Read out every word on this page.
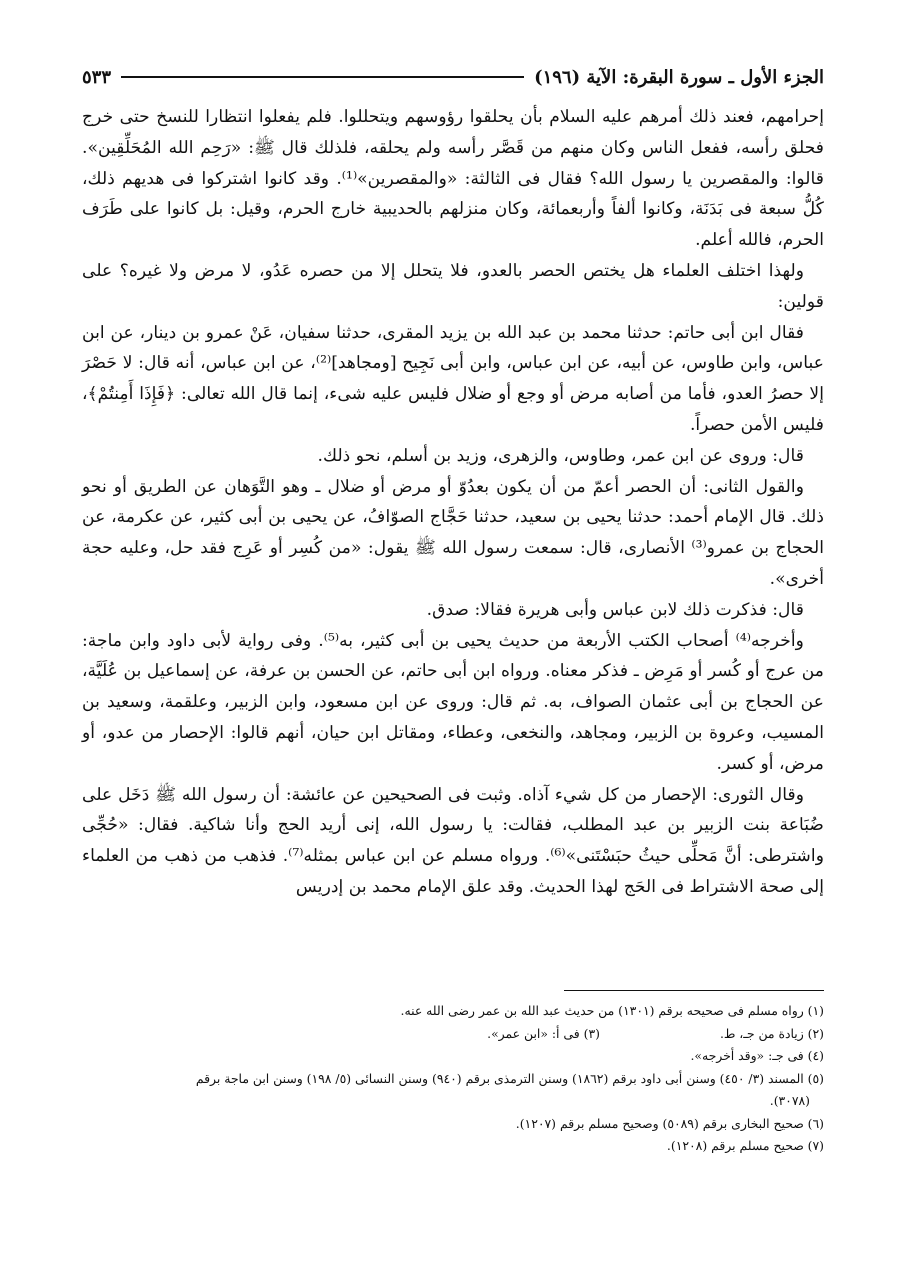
الجزء الأول ـ سورة البقرة: الآية (١٩٦)
٥٣٣

إحرامهم، فعند ذلك أمرهم عليه السلام بأن يحلقوا رؤوسهم ويتحللوا. فلم يفعلوا انتظارا للنسخ حتى خرج فحلق رأسه، ففعل الناس وكان منهم من قَصَّر رأسه ولم يحلقه، فلذلك قال ﷺ: «رَحِم الله المُحَلِّقِين». قالوا: والمقصرين يا رسول الله؟ فقال فى الثالثة: «والمقصرين»⁽¹⁾. وقد كانوا اشتركوا فى هديهم ذلك، كُلُّ سبعة فى بَدَنَة، وكانوا ألفاً وأربعمائة، وكان منزلهم بالحديبية خارج الحرم، وقيل: بل كانوا على طَرَف الحرم، فالله أعلم.

ولهذا اختلف العلماء هل يختص الحصر بالعدو، فلا يتحلل إلا من حصره عَدُو، لا مرض ولا غيره؟ على قولين:

فقال ابن أبى حاتم: حدثنا محمد بن عبد الله بن يزيد المقرى، حدثنا سفيان، عَنْ عمرو بن دينار، عن ابن عباس، وابن طاوس، عن أبيه، عن ابن عباس، وابن أبى نَجِيح [ومجاهد]⁽²⁾، عن ابن عباس، أنه قال: لا حَصْرَ إلا حصرُ العدو، فأما من أصابه مرض أو وجع أو ضلال فليس عليه شىء، إنما قال الله تعالى: ﴿فَإِذَا أَمِنتُمْ﴾، فليس الأمن حصراً.

قال: وروى عن ابن عمر، وطاوس، والزهرى، وزيد بن أسلم، نحو ذلك.

والقول الثانى: أن الحصر أعمّ من أن يكون بعدُوّ أو مرض أو ضلال ـ وهو التَّوَهان عن الطريق أو نحو ذلك. قال الإمام أحمد: حدثنا يحيى بن سعيد، حدثنا حَجَّاج الصوّافُ، عن يحيى بن أبى كثير، عن عكرمة، عن الحجاج بن عمرو⁽³⁾ الأنصارى، قال: سمعت رسول الله ﷺ يقول: «من كُسِر أو عَرِج فقد حل، وعليه حجة أخرى».

قال: فذكرت ذلك لابن عباس وأبى هريرة فقالا: صدق.

وأخرجه⁽⁴⁾ أصحاب الكتب الأربعة من حديث يحيى بن أبى كثير، به⁽⁵⁾. وفى رواية لأبى داود وابن ماجة: من عرج أو كُسر أو مَرِض ـ فذكر معناه. ورواه ابن أبى حاتم، عن الحسن بن عرفة، عن إسماعيل بن عُلَيَّة، عن الحجاج بن أبى عثمان الصواف، به. ثم قال: وروى عن ابن مسعود، وابن الزبير، وعلقمة، وسعيد بن المسيب، وعروة بن الزبير، ومجاهد، والنخعى، وعطاء، ومقاتل ابن حيان، أنهم قالوا: الإحصار من عدو، أو مرض، أو كسر.

وقال الثورى: الإحصار من كل شيء آذاه. وثبت فى الصحيحين عن عائشة: أن رسول الله ﷺ دَخَل على ضُبَاعة بنت الزبير بن عبد المطلب، فقالت: يا رسول الله، إنى أريد الحج وأنا شاكية. فقال: «حُجِّى واشترطى: أنَّ مَحلِّى حيثُ حبَسْتَنى»⁽⁶⁾. ورواه مسلم عن ابن عباس بمثله⁽⁷⁾. فذهب من ذهب من العلماء إلى صحة الاشتراط فى الحَج لهذا الحديث. وقد علق الإمام محمد بن إدريس

(١) رواه مسلم فى صحيحه برقم (١٣٠١) من حديث عبد الله بن عمر رضى الله عنه.

(٢) زيادة من جـ، ط.

(٣) فى أ: «ابن عمر».

(٤) فى جـ: «وقد أخرجه».

(٥) المسند (٣/ ٤٥٠) وسنن أبى داود برقم (١٨٦٢) وسنن الترمذى برقم (٩٤٠) وسنن النسائى (٥/ ١٩٨) وسنن ابن ماجة برقم

(٣٠٧٨).

(٦) صحيح البخارى برقم (٥٠٨٩) وصحيح مسلم برقم (١٢٠٧).

(٧) صحيح مسلم برقم (١٢٠٨).
